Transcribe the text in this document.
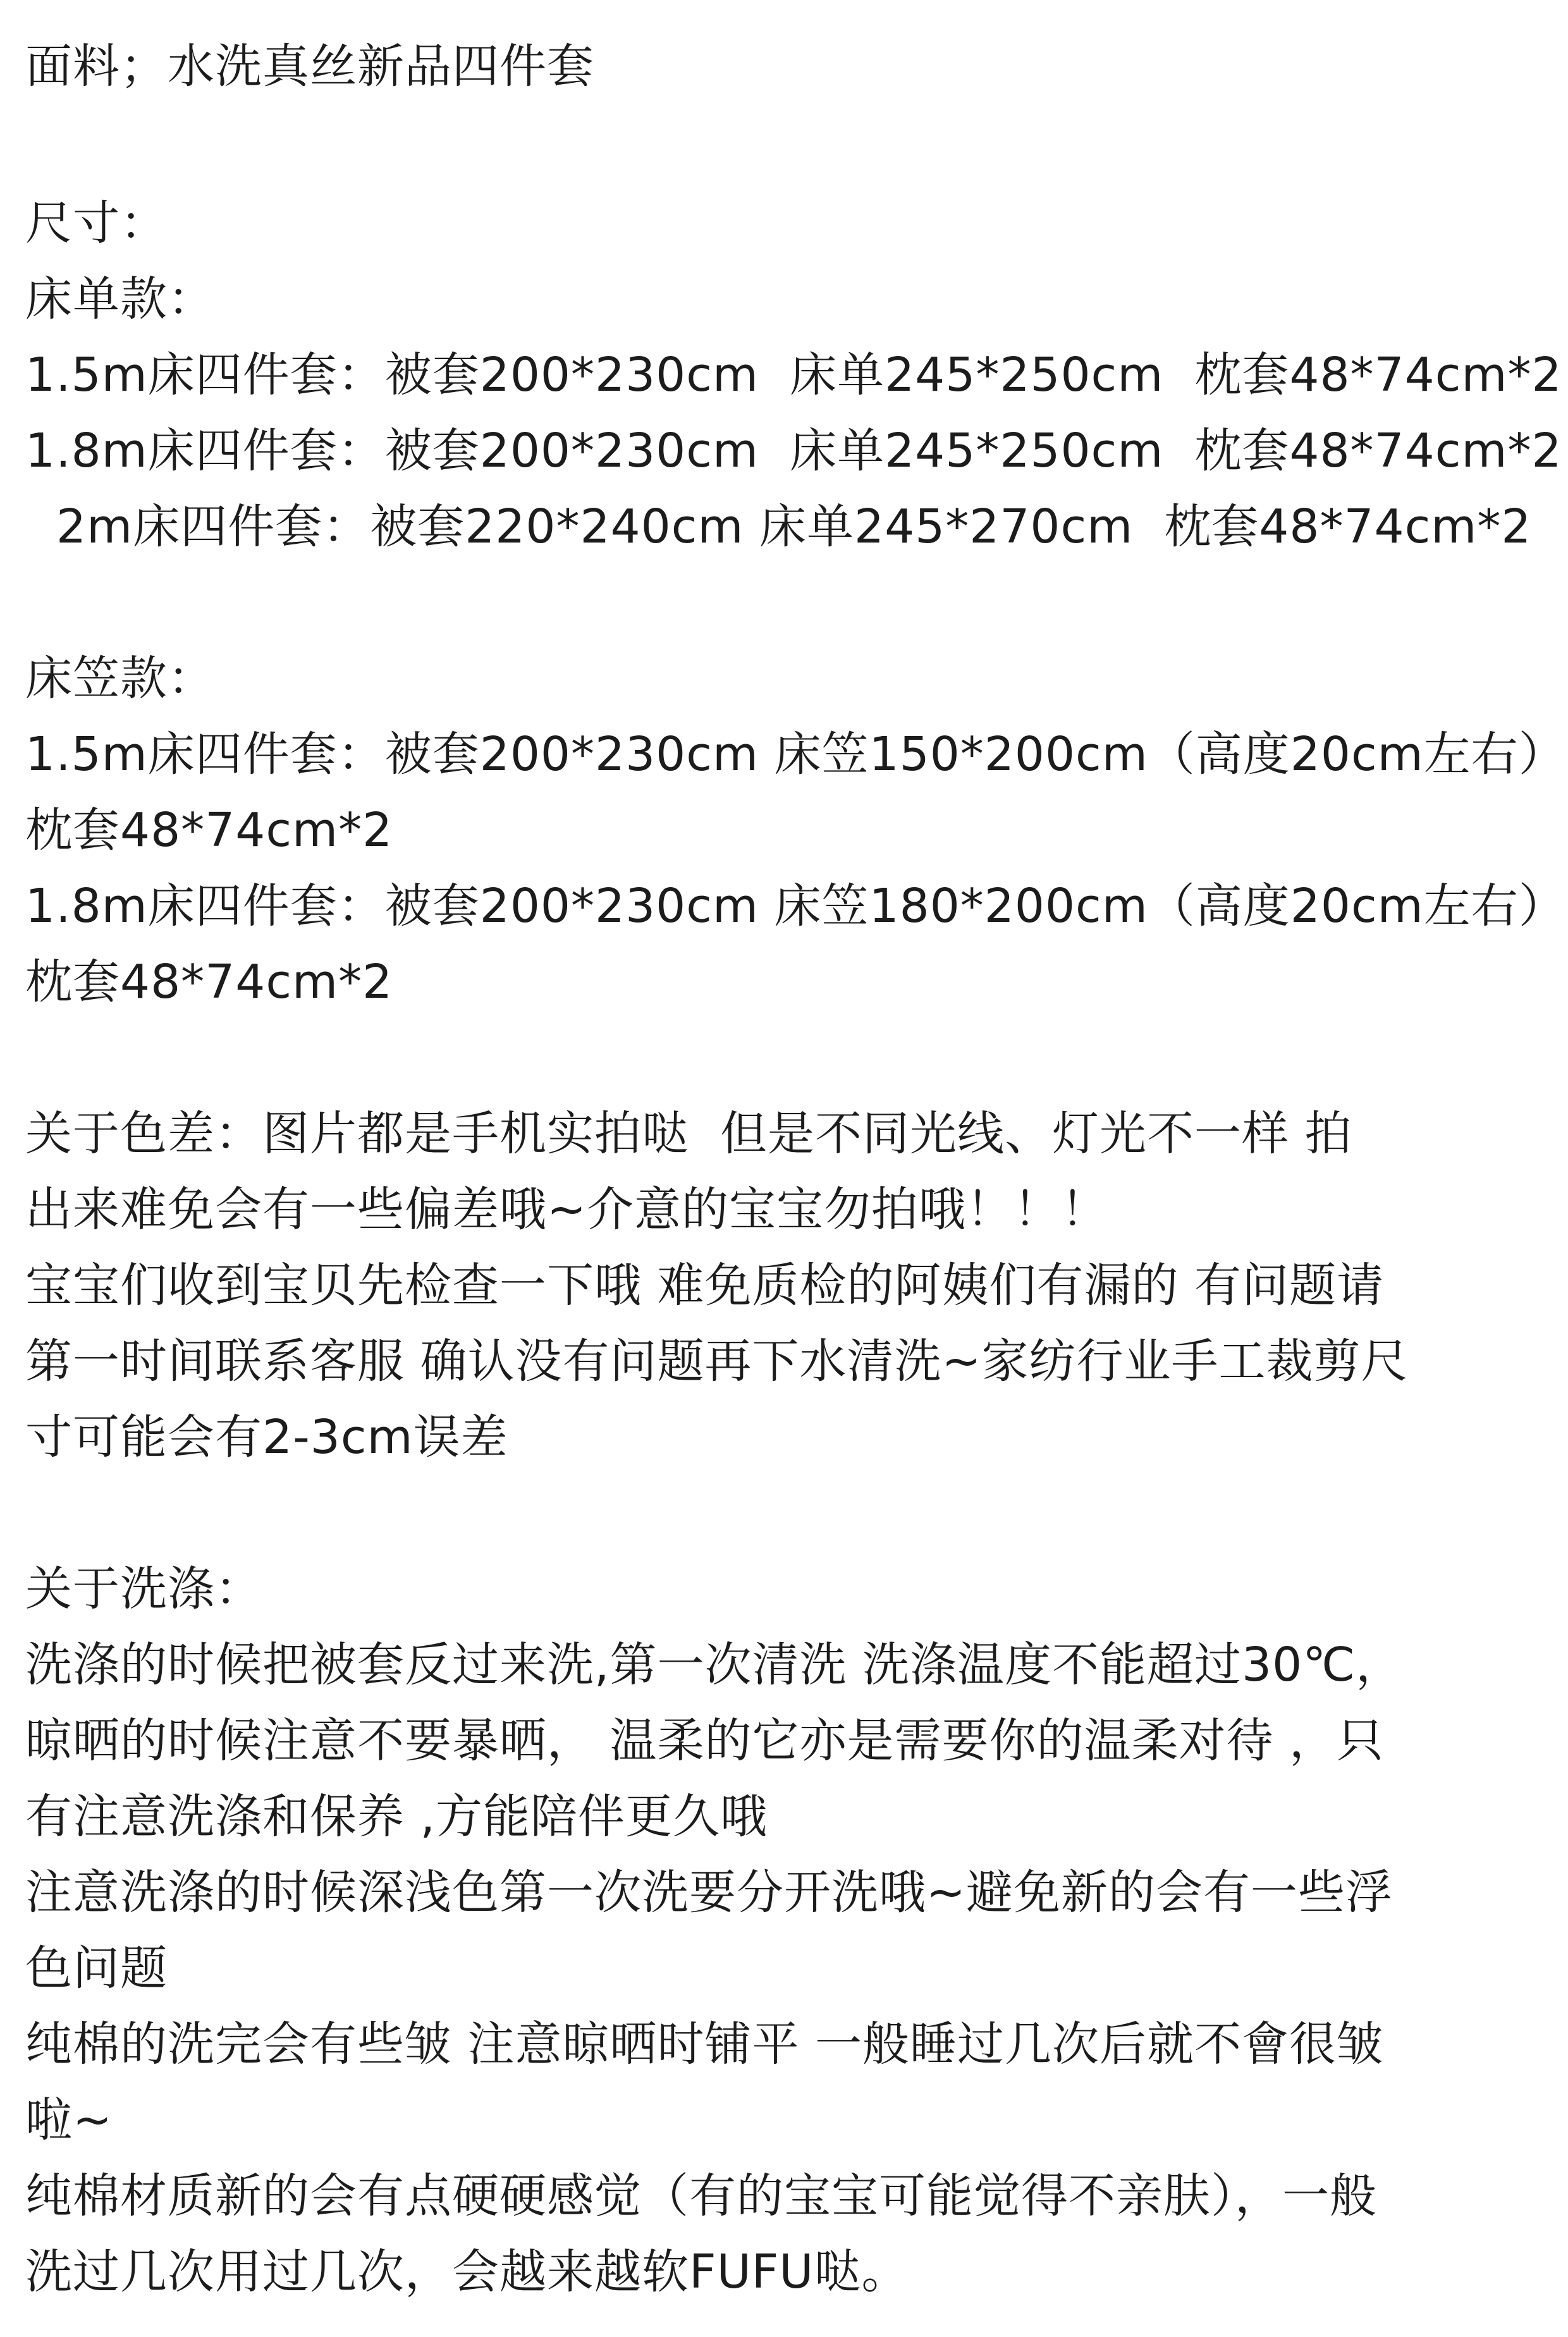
面料；水洗真丝新品四件套
尺寸：
床单款：
1.5m床四件套：被套200*230cm  床单245*250cm  枕套48*74cm*2
1.8m床四件套：被套200*230cm  床单245*250cm  枕套48*74cm*2
2m床四件套：被套220*240cm 床单245*270cm  枕套48*74cm*2
床笠款：
1.5m床四件套：被套200*230cm 床笠150*200cm（高度20cm左右）
枕套48*74cm*2
1.8m床四件套：被套200*230cm 床笠180*200cm（高度20cm左右）
枕套48*74cm*2
关于色差：图片都是手机实拍哒  但是不同光线、灯光不一样 拍
出来难免会有一些偏差哦~介意的宝宝勿拍哦！！！
宝宝们收到宝贝先检查一下哦 难免质检的阿姨们有漏的 有问题请
第一时间联系客服 确认没有问题再下水清洗~家纺行业手工裁剪尺
寸可能会有2-3cm误差
关于洗涤：
洗涤的时候把被套反过来洗,第一次清洗 洗涤温度不能超过30℃，
晾晒的时候注意不要暴晒， 温柔的它亦是需要你的温柔对待 ，只
有注意洗涤和保养 ,方能陪伴更久哦
注意洗涤的时候深浅色第一次洗要分开洗哦~避免新的会有一些浮
色问题
纯棉的洗完会有些皱 注意晾晒时铺平 一般睡过几次后就不會很皱
啦~
纯棉材质新的会有点硬硬感觉（有的宝宝可能觉得不亲肤），一般
洗过几次用过几次，会越来越软FUFU哒。
